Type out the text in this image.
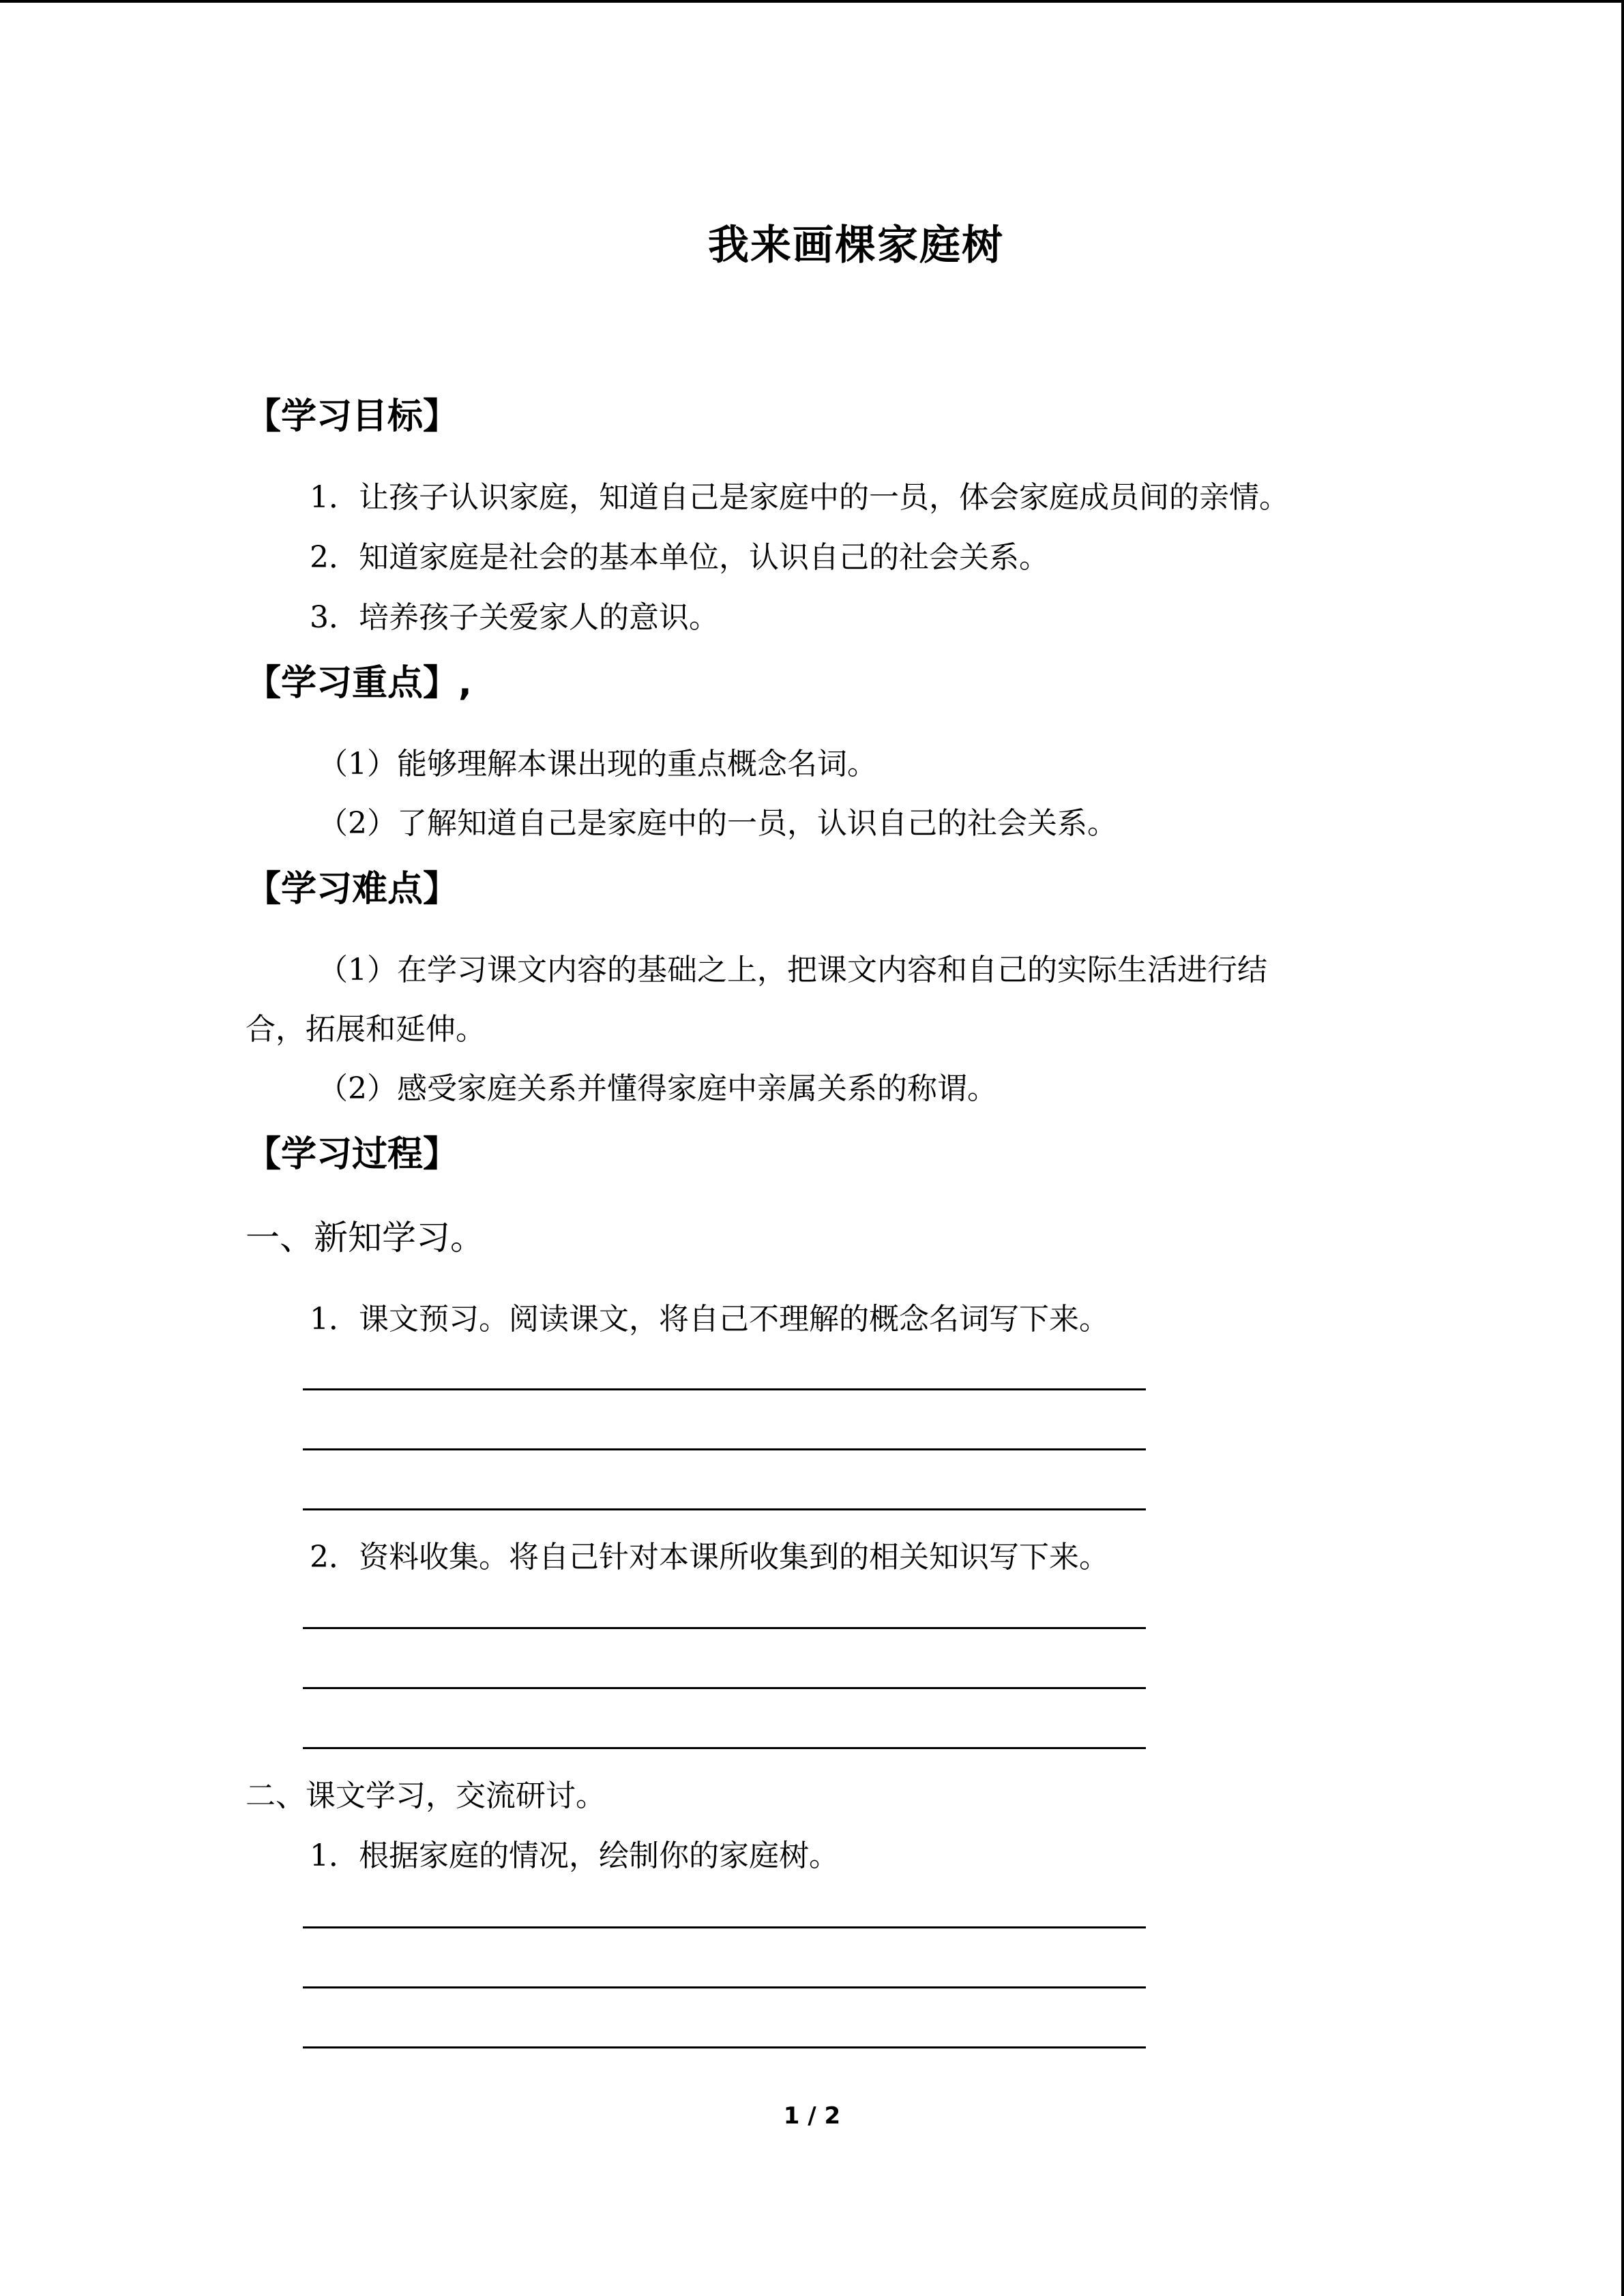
我来画棵家庭树
【学习目标】
1．让孩子认识家庭，知道自己是家庭中的一员，体会家庭成员间的亲情。
2．知道家庭是社会的基本单位，认识自己的社会关系。
3．培养孩子关爱家人的意识。
【学习重点】,
（1）能够理解本课出现的重点概念名词。
（2）了解知道自己是家庭中的一员，认识自己的社会关系。
【学习难点】
（1）在学习课文内容的基础之上，把课文内容和自己的实际生活进行结
合，拓展和延伸。
（2）感受家庭关系并懂得家庭中亲属关系的称谓。
【学习过程】
一、新知学习。
1．课文预习。阅读课文，将自己不理解的概念名词写下来。
2．资料收集。将自己针对本课所收集到的相关知识写下来。
二、课文学习，交流研讨。
1．根据家庭的情况，绘制你的家庭树。
1 / 2
